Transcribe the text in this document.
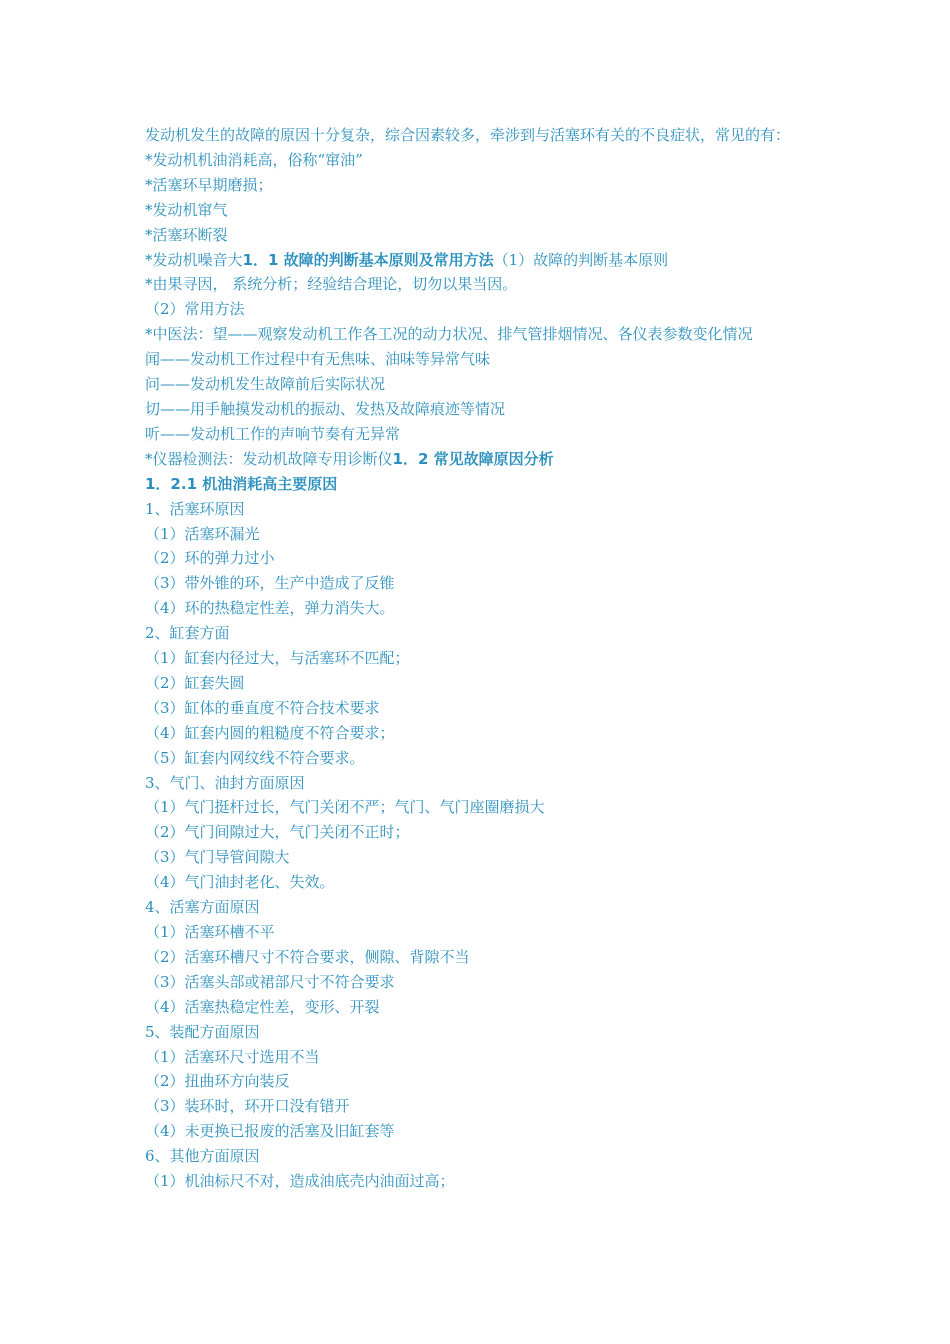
发动机发生的故障的原因十分复杂，综合因素较多，牵涉到与活塞环有关的不良症状，常见的有：
*发动机机油消耗高，俗称“窜油”
*活塞环早期磨损；
*发动机窜气
*活塞环断裂
*发动机噪音大1．1 故障的判断基本原则及常用方法（1）故障的判断基本原则
*由果寻因， 系统分析；经验结合理论，切勿以果当因。
（2）常用方法
*中医法：望——观察发动机工作各工况的动力状况、排气管排烟情况、各仪表参数变化情况
闻——发动机工作过程中有无焦味、油味等异常气味
问——发动机发生故障前后实际状况
切——用手触摸发动机的振动、发热及故障痕迹等情况
听——发动机工作的声响节奏有无异常
*仪器检测法：发动机故障专用诊断仪1．2 常见故障原因分析
1．2.1 机油消耗高主要原因
1、活塞环原因
（1）活塞环漏光
（2）环的弹力过小
（3）带外锥的环，生产中造成了反锥
（4）环的热稳定性差，弹力消失大。
2、缸套方面
（1）缸套内径过大，与活塞环不匹配；
（2）缸套失圆
（3）缸体的垂直度不符合技术要求
（4）缸套内圆的粗糙度不符合要求；
（5）缸套内网纹线不符合要求。
3、气门、油封方面原因
（1）气门挺杆过长，气门关闭不严；气门、气门座圈磨损大
（2）气门间隙过大，气门关闭不正时；
（3）气门导管间隙大
（4）气门油封老化、失效。
4、活塞方面原因
（1）活塞环槽不平
（2）活塞环槽尺寸不符合要求，侧隙、背隙不当
（3）活塞头部或裙部尺寸不符合要求
（4）活塞热稳定性差，变形、开裂
5、装配方面原因
（1）活塞环尺寸选用不当
（2）扭曲环方向装反
（3）装环时，环开口没有错开
（4）未更换已报废的活塞及旧缸套等
6、其他方面原因
（1）机油标尺不对，造成油底壳内油面过高；
